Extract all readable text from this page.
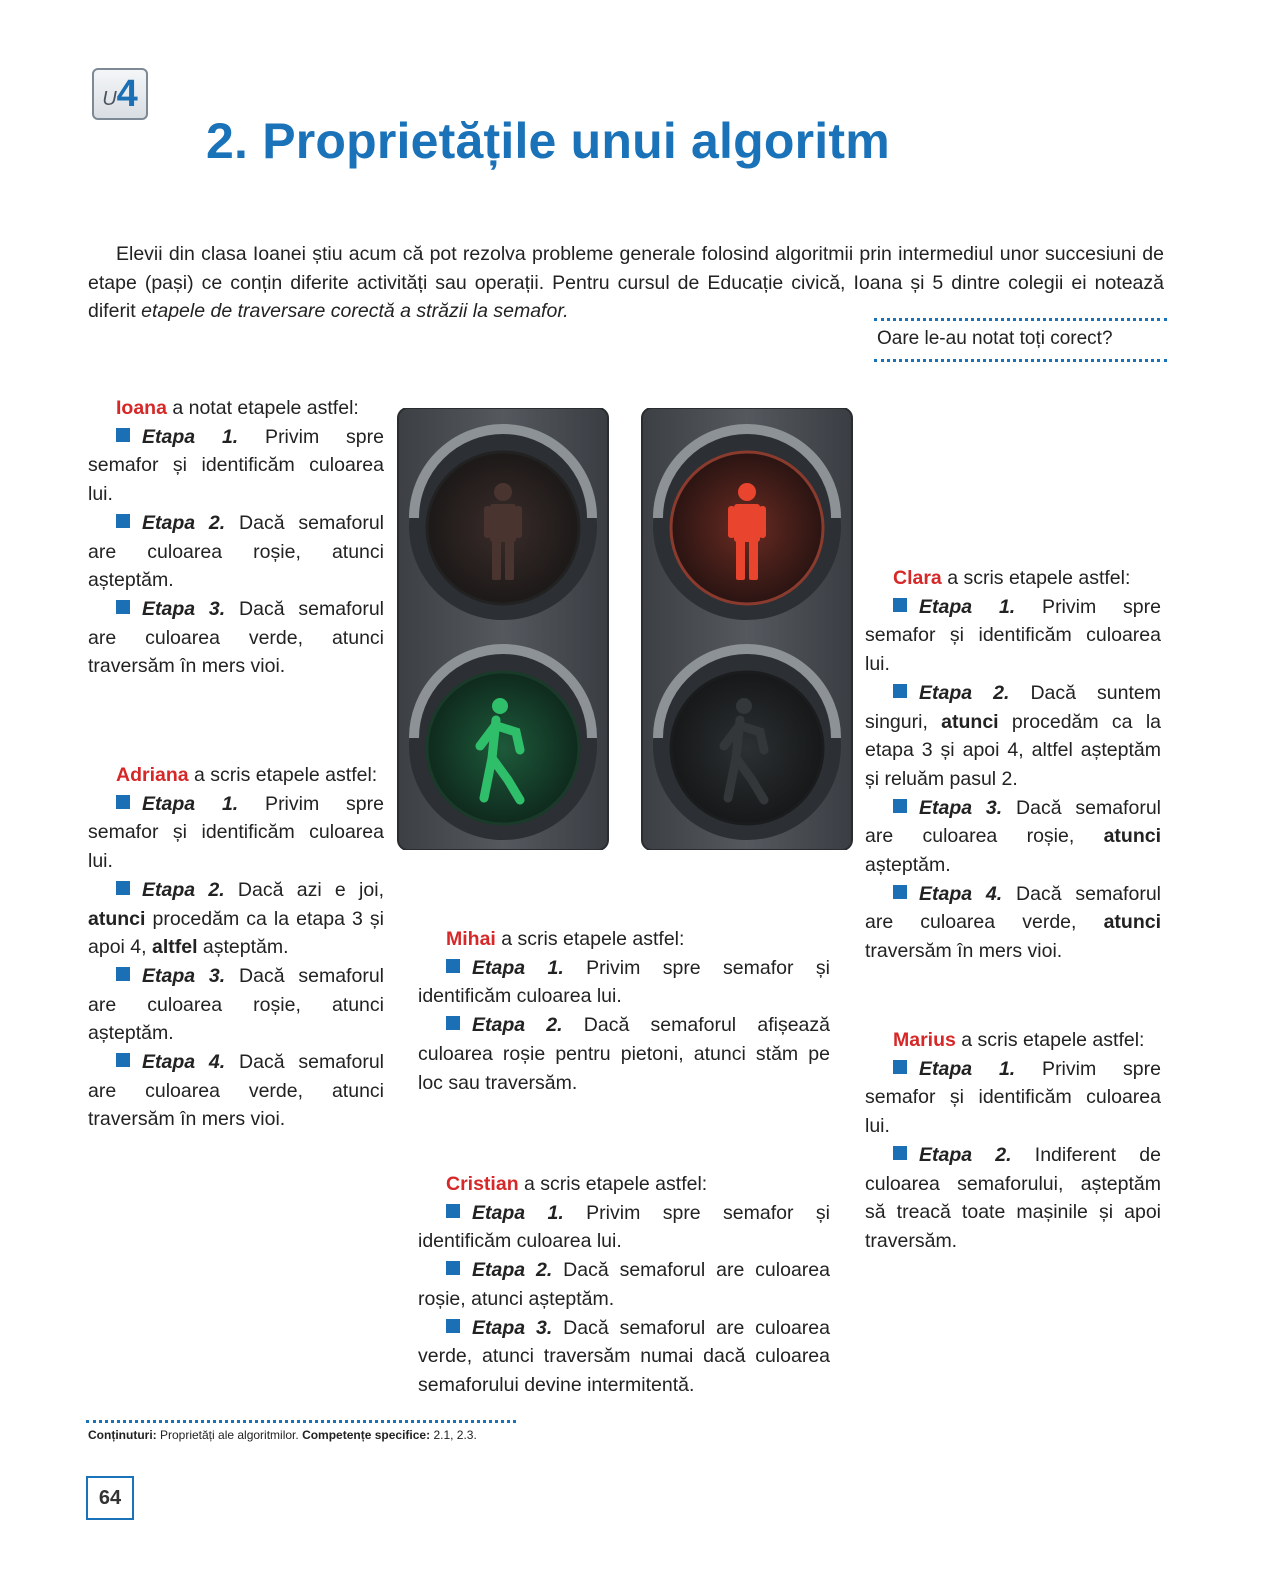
U 4
2. Proprietățile unui algoritm

Elevii din clasa Ioanei știu acum că pot rezolva probleme generale folosind algoritmii prin intermediul unor succesiuni de etape (pași) ce conțin diferite activități sau operații. Pentru cursul de Educație civică, Ioana și 5 dintre colegii ei notează diferit etapele de traversare corectă a străzii la semafor.

Oare le-au notat toți corect?

Ioana a notat etapele astfel:

Etapa 1. Privim spre semafor și identificăm culoarea lui.

Etapa 2. Dacă semaforul are culoarea roșie, atunci așteptăm.

Etapa 3. Dacă semaforul are culoarea verde, atunci traversăm în mers vioi.

Adriana a scris etapele astfel:

Etapa 1. Privim spre semafor și identificăm culoarea lui.

Etapa 2. Dacă azi e joi, atunci procedăm ca la etapa 3 și apoi 4, altfel așteptăm.

Etapa 3. Dacă semaforul are culoarea roșie, atunci așteptăm.

Etapa 4. Dacă semaforul are culoarea verde, atunci traversăm în mers vioi.

Mihai a scris etapele astfel:

Etapa 1. Privim spre semafor și identificăm culoarea lui.

Etapa 2. Dacă semaforul afișează culoarea roșie pentru pietoni, atunci stăm pe loc sau traversăm.

Cristian a scris etapele astfel:

Etapa 1. Privim spre semafor și identificăm culoarea lui.

Etapa 2. Dacă semaforul are culoarea roșie, atunci așteptăm.

Etapa 3. Dacă semaforul are culoarea verde, atunci traversăm numai dacă culoarea semaforului devine intermitentă.

Clara a scris etapele astfel:

Etapa 1. Privim spre semafor și identificăm culoarea lui.

Etapa 2. Dacă suntem singuri, atunci procedăm ca la etapa 3 și apoi 4, altfel așteptăm și reluăm pasul 2.

Etapa 3. Dacă semaforul are culoarea roșie, atunci așteptăm.

Etapa 4. Dacă semaforul are culoarea verde, atunci traversăm în mers vioi.

Marius a scris etapele astfel:

Etapa 1. Privim spre semafor și identificăm culoarea lui.

Etapa 2. Indiferent de culoarea semaforului, așteptăm să treacă toate mașinile și apoi traversăm.

Conținuturi: Proprietăți ale algoritmilor. Competențe specifice: 2.1, 2.3.
64
